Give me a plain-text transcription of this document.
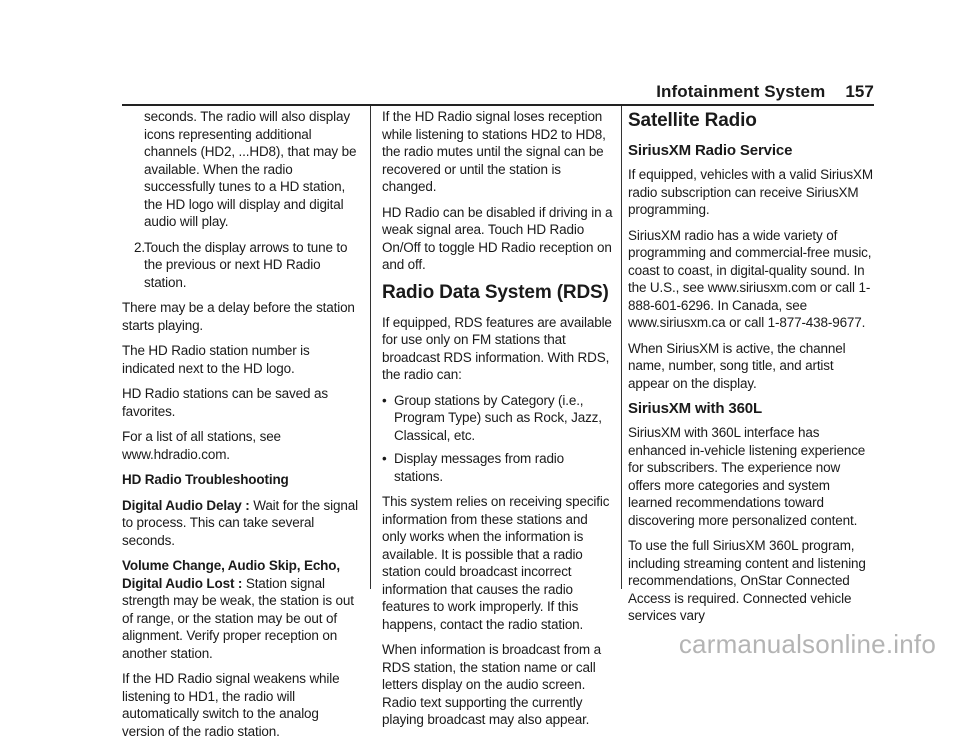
Infotainment System 157

seconds. The radio will also display icons representing additional channels (HD2, ...HD8), that may be available. When the radio successfully tunes to a HD station, the HD logo will display and digital audio will play.

2. Touch the display arrows to tune to the previous or next HD Radio station.

There may be a delay before the station starts playing.

The HD Radio station number is indicated next to the HD logo.

HD Radio stations can be saved as favorites.

For a list of all stations, see www.hdradio.com.

HD Radio Troubleshooting

Digital Audio Delay : Wait for the signal to process. This can take several seconds.

Volume Change, Audio Skip, Echo, Digital Audio Lost : Station signal strength may be weak, the station is out of range, or the station may be out of alignment. Verify proper reception on another station.

If the HD Radio signal weakens while listening to HD1, the radio will automatically switch to the analog version of the radio station.

If the HD Radio signal loses reception while listening to stations HD2 to HD8, the radio mutes until the signal can be recovered or until the station is changed.

HD Radio can be disabled if driving in a weak signal area. Touch HD Radio On/Off to toggle HD Radio reception on and off.

Radio Data System (RDS)

If equipped, RDS features are available for use only on FM stations that broadcast RDS information. With RDS, the radio can:

• Group stations by Category (i.e., Program Type) such as Rock, Jazz, Classical, etc.
• Display messages from radio stations.

This system relies on receiving specific information from these stations and only works when the information is available. It is possible that a radio station could broadcast incorrect information that causes the radio features to work improperly. If this happens, contact the radio station.

When information is broadcast from a RDS station, the station name or call letters display on the audio screen. Radio text supporting the currently playing broadcast may also appear.

Satellite Radio
SiriusXM Radio Service

If equipped, vehicles with a valid SiriusXM radio subscription can receive SiriusXM programming.

SiriusXM radio has a wide variety of programming and commercial-free music, coast to coast, in digital-quality sound. In the U.S., see www.siriusxm.com or call 1-888-601-6296. In Canada, see www.siriusxm.ca or call 1-877-438-9677.

When SiriusXM is active, the channel name, number, song title, and artist appear on the display.

SiriusXM with 360L

SiriusXM with 360L interface has enhanced in-vehicle listening experience for subscribers. The experience now offers more categories and system learned recommendations toward discovering more personalized content.

To use the full SiriusXM 360L program, including streaming content and listening recommendations, OnStar Connected Access is required. Connected vehicle services vary

carmanualsonline.info
